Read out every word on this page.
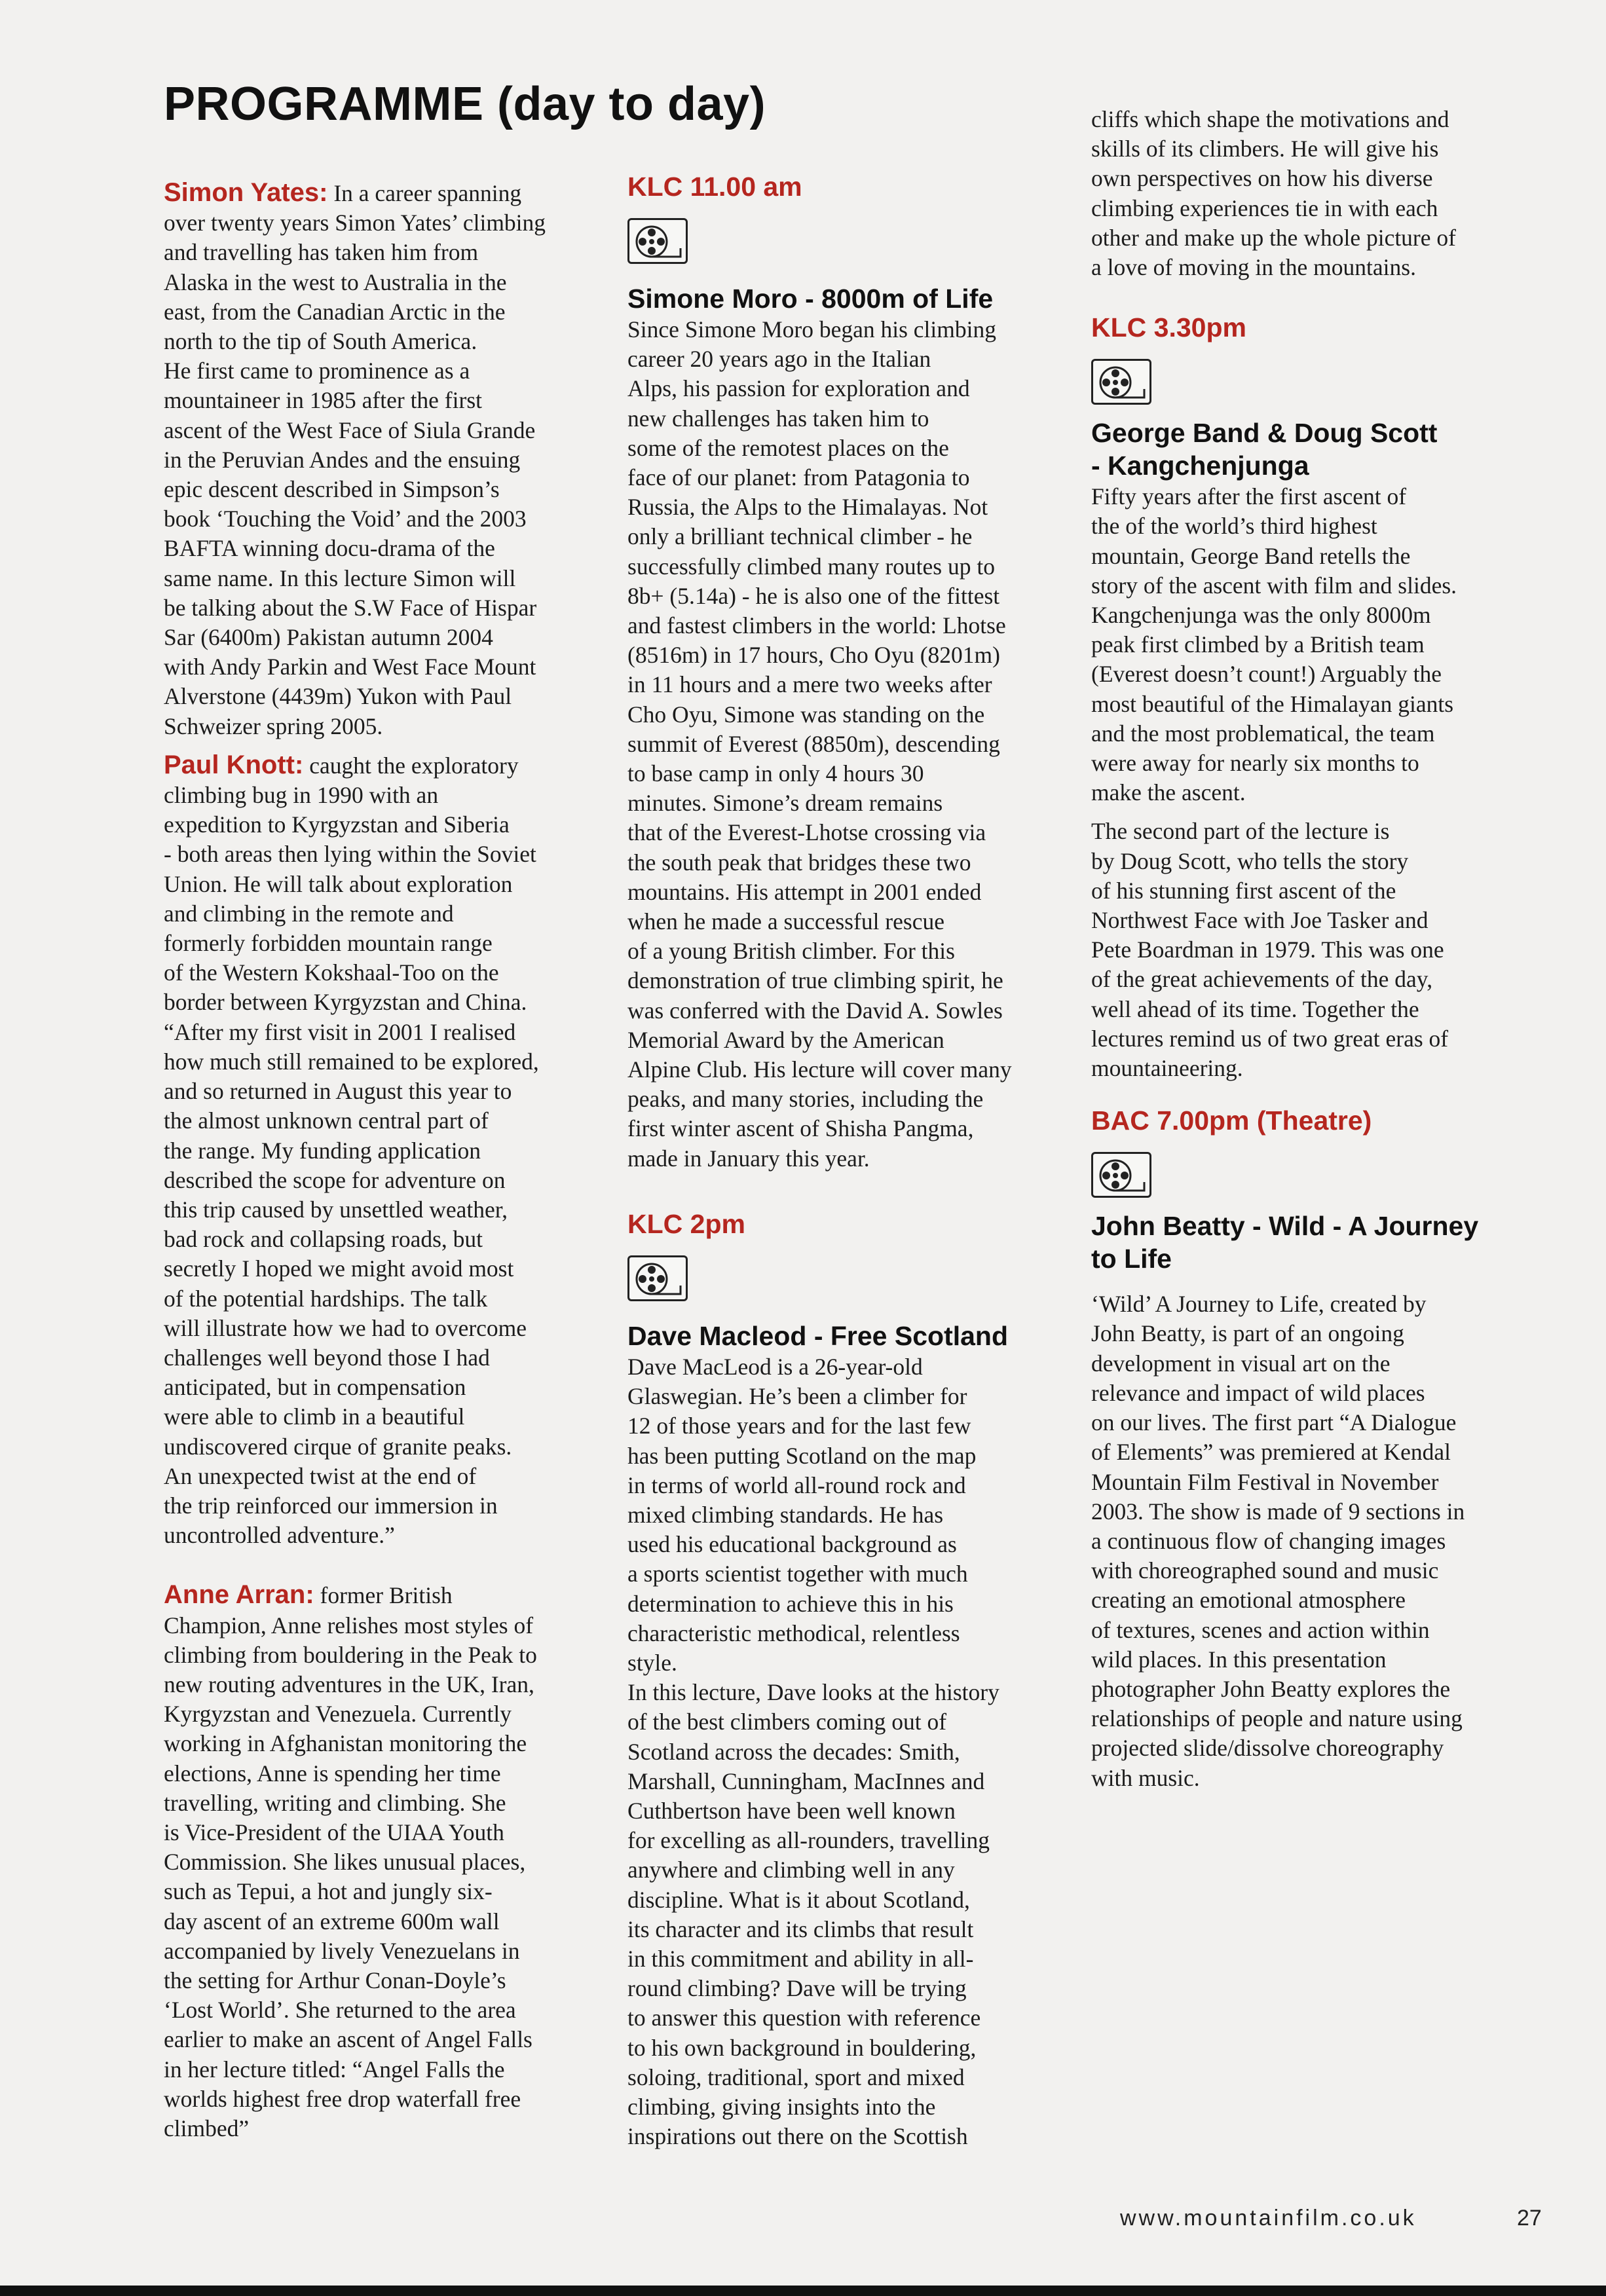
PROGRAMME (day to day)

Simon Yates: In a career spanning

over twenty years Simon Yates’ climbing
and travelling has taken him from
Alaska in the west to Australia in the
east, from the Canadian Arctic in the
north to the tip of South America.
He first came to prominence as a
mountaineer in 1985 after the first
ascent of the West Face of Siula Grande
in the Peruvian Andes and the ensuing
epic descent described in Simpson’s
book ‘Touching the Void’ and the 2003
BAFTA winning docu-drama of the
same name. In this lecture Simon will
be talking about the S.W Face of Hispar
Sar (6400m) Pakistan autumn 2004
with Andy Parkin and West Face Mount
Alverstone (4439m) Yukon with Paul
Schweizer spring 2005.

Paul Knott: caught the exploratory

climbing bug in 1990 with an
expedition to Kyrgyzstan and Siberia
- both areas then lying within the Soviet
Union. He will talk about exploration
and climbing in the remote and
formerly forbidden mountain range
of the Western Kokshaal-Too on the
border between Kyrgyzstan and China.
“After my first visit in 2001 I realised
how much still remained to be explored,
and so returned in August this year to
the almost unknown central part of
the range. My funding application
described the scope for adventure on
this trip caused by unsettled weather,
bad rock and collapsing roads, but
secretly I hoped we might avoid most
of the potential hardships. The talk
will illustrate how we had to overcome
challenges well beyond those I had
anticipated, but in compensation
were able to climb in a beautiful
undiscovered cirque of granite peaks.
An unexpected twist at the end of
the trip reinforced our immersion in
uncontrolled adventure.”

Anne Arran: former British

Champion, Anne relishes most styles of
climbing from bouldering in the Peak to
new routing adventures in the UK, Iran,
Kyrgyzstan and Venezuela. Currently
working in Afghanistan monitoring the
elections, Anne is spending her time
travelling, writing and climbing. She
is Vice-President of the UIAA Youth
Commission. She likes unusual places,
such as Tepui, a hot and jungly six-
day ascent of an extreme 600m wall
accompanied by lively Venezuelans in
the setting for Arthur Conan-Doyle’s
‘Lost World’. She returned to the area
earlier to make an ascent of Angel Falls
in her lecture titled: “Angel Falls the
worlds highest free drop waterfall free
climbed”

KLC 11.00 am

Simone Moro - 8000m of Life

Since Simone Moro began his climbing
career 20 years ago in the Italian
Alps, his passion for exploration and
new challenges has taken him to
some of the remotest places on the
face of our planet: from Patagonia to
Russia, the Alps to the Himalayas. Not
only a brilliant technical climber - he
successfully climbed many routes up to
8b+ (5.14a) - he is also one of the fittest
and fastest climbers in the world: Lhotse
(8516m) in 17 hours, Cho Oyu (8201m)
in 11 hours and a mere two weeks after
Cho Oyu, Simone was standing on the
summit of Everest (8850m), descending
to base camp in only 4 hours 30
minutes. Simone’s dream remains
that of the Everest-Lhotse crossing via
the south peak that bridges these two
mountains. His attempt in 2001 ended
when he made a successful rescue
of a young British climber. For this
demonstration of true climbing spirit, he
was conferred with the David A. Sowles
Memorial Award by the American
Alpine Club. His lecture will cover many
peaks, and many stories, including the
first winter ascent of Shisha Pangma,
made in January this year.

KLC 2pm

Dave Macleod - Free Scotland

Dave MacLeod is a 26-year-old
Glaswegian. He’s been a climber for
12 of those years and for the last few
has been putting Scotland on the map
in terms of world all-round rock and
mixed climbing standards. He has
used his educational background as
a sports scientist together with much
determination to achieve this in his
characteristic methodical, relentless
style.
In this lecture, Dave looks at the history
of the best climbers coming out of
Scotland across the decades: Smith,
Marshall, Cunningham, MacInnes and
Cuthbertson have been well known
for excelling as all-rounders, travelling
anywhere and climbing well in any
discipline. What is it about Scotland,
its character and its climbs that result
in this commitment and ability in all-
round climbing? Dave will be trying
to answer this question with reference
to his own background in bouldering,
soloing, traditional, sport and mixed
climbing, giving insights into the
inspirations out there on the Scottish
cliffs which shape the motivations and
skills of its climbers. He will give his
own perspectives on how his diverse
climbing experiences tie in with each
other and make up the whole picture of
a love of moving in the mountains.

KLC 3.30pm

George Band & Doug Scott

- Kangchenjunga

Fifty years after the first ascent of
the of the world’s third highest
mountain, George Band retells the
story of the ascent with film and slides.
Kangchenjunga was the only 8000m
peak first climbed by a British team
(Everest doesn’t count!) Arguably the
most beautiful of the Himalayan giants
and the most problematical, the team
were away for nearly six months to
make the ascent.
The second part of the lecture is
by Doug Scott, who tells the story
of his stunning first ascent of the
Northwest Face with Joe Tasker and
Pete Boardman in 1979. This was one
of the great achievements of the day,
well ahead of its time. Together the
lectures remind us of two great eras of
mountaineering.

BAC 7.00pm (Theatre)

John Beatty - Wild - A Journey

to Life

‘Wild’ A Journey to Life, created by
John Beatty, is part of an ongoing
development in visual art on the
relevance and impact of wild places
on our lives. The first part “A Dialogue
of Elements” was premiered at Kendal
Mountain Film Festival in November
2003. The show is made of 9 sections in
a continuous flow of changing images
with choreographed sound and music
creating an emotional atmosphere
of textures, scenes and action within
wild places. In this presentation
photographer John Beatty explores the
relationships of people and nature using
projected slide/dissolve choreography
with music.
www.mountainfilm.co.uk	27
